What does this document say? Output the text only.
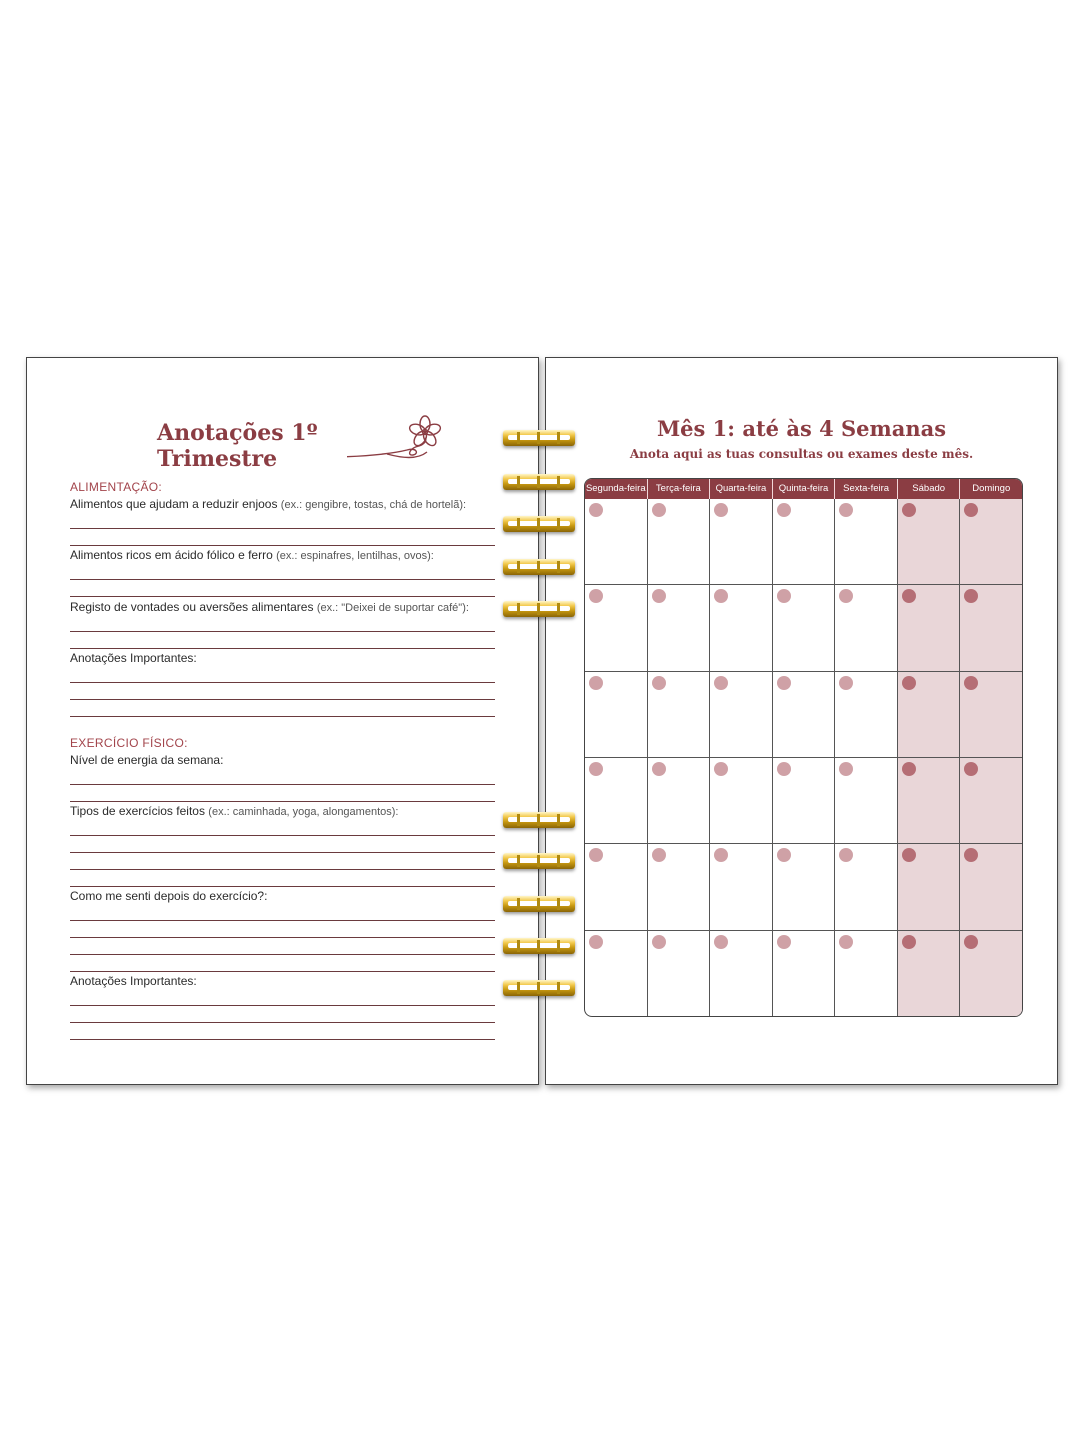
Anotações 1º Trimestre
ALIMENTAÇÃO:
Alimentos que ajudam a reduzir enjoos (ex.: gengibre, tostas, chá de hortelã):
Alimentos ricos em ácido fólico e ferro (ex.: espinafres, lentilhas, ovos):
Registo de vontades ou aversões alimentares (ex.: "Deixei de suportar café"):
Anotações Importantes:
EXERCÍCIO FÍSICO:
Nível de energia da semana:
Tipos de exercícios feitos (ex.: caminhada, yoga, alongamentos):
Como me senti depois do exercício?:
Anotações Importantes:
Mês 1: até às 4 Semanas
Anota aqui as tuas consultas ou exames deste mês.
Segunda-feira	Terça-feira	Quarta-feira	Quinta-feira	Sexta-feira	Sábado	Domingo
